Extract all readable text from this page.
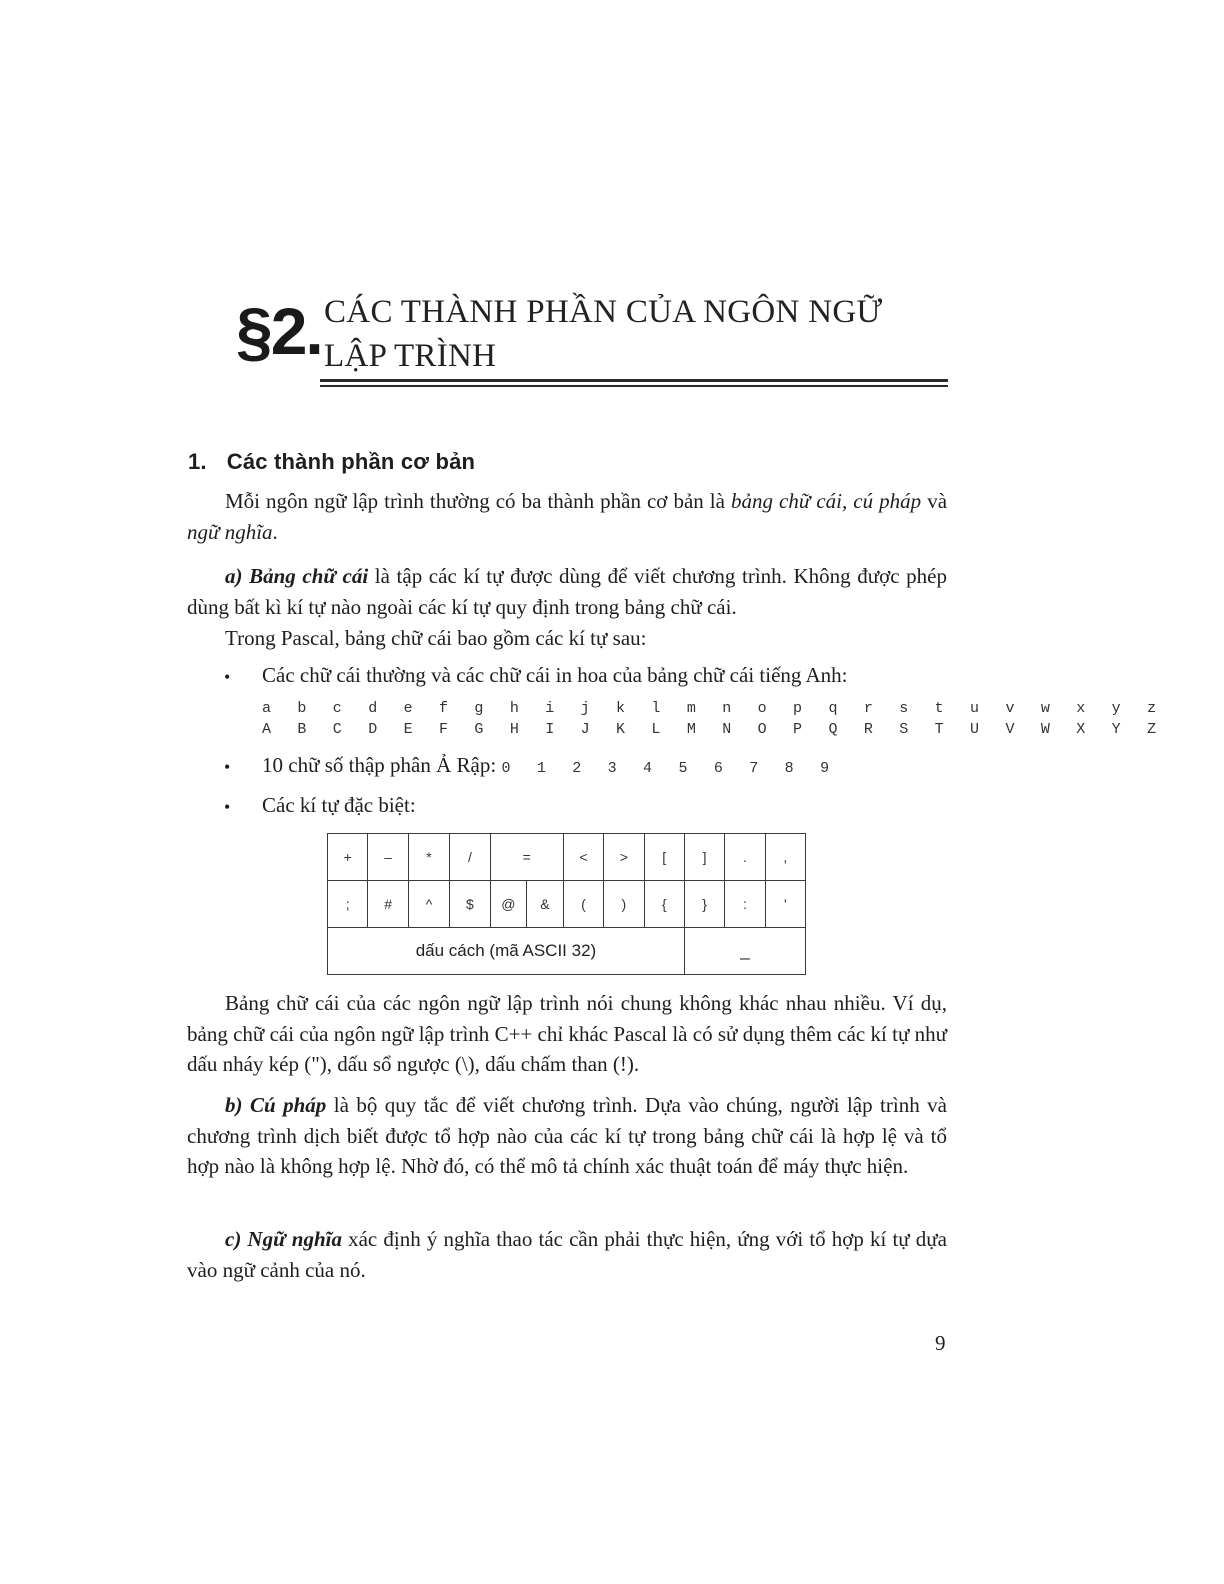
§2. CÁC THÀNH PHẦN CỦA NGÔN NGỮ
LẬP TRÌNH
1. Các thành phần cơ bản
Mỗi ngôn ngữ lập trình thường có ba thành phần cơ bản là bảng chữ cái, cú pháp và ngữ nghĩa.
a) Bảng chữ cái là tập các kí tự được dùng để viết chương trình. Không được phép dùng bất kì kí tự nào ngoài các kí tự quy định trong bảng chữ cái.
Trong Pascal, bảng chữ cái bao gồm các kí tự sau:
• Các chữ cái thường và các chữ cái in hoa của bảng chữ cái tiếng Anh:
a b c d e f g h i j k l m n o p q r s t u v w x y z
A B C D E F G H I J K L M N O P Q R S T U V W X Y Z
• 10 chữ số thập phân Ả Rập: 0 1 2 3 4 5 6 7 8 9
• Các kí tự đặc biệt:
+	–	*	/	=		<	>	[	]	.	,
;	#	^	$	@	&	(	)	{	}	:	'
dấu cách (mã ASCII 32)									_		
Bảng chữ cái của các ngôn ngữ lập trình nói chung không khác nhau nhiều. Ví dụ, bảng chữ cái của ngôn ngữ lập trình C++ chỉ khác Pascal là có sử dụng thêm các kí tự như dấu nháy kép ("), dấu sổ ngược (\), dấu chấm than (!).
b) Cú pháp là bộ quy tắc để viết chương trình. Dựa vào chúng, người lập trình và chương trình dịch biết được tổ hợp nào của các kí tự trong bảng chữ cái là hợp lệ và tổ hợp nào là không hợp lệ. Nhờ đó, có thể mô tả chính xác thuật toán để máy thực hiện.
c) Ngữ nghĩa xác định ý nghĩa thao tác cần phải thực hiện, ứng với tổ hợp kí tự dựa vào ngữ cảnh của nó.
9
